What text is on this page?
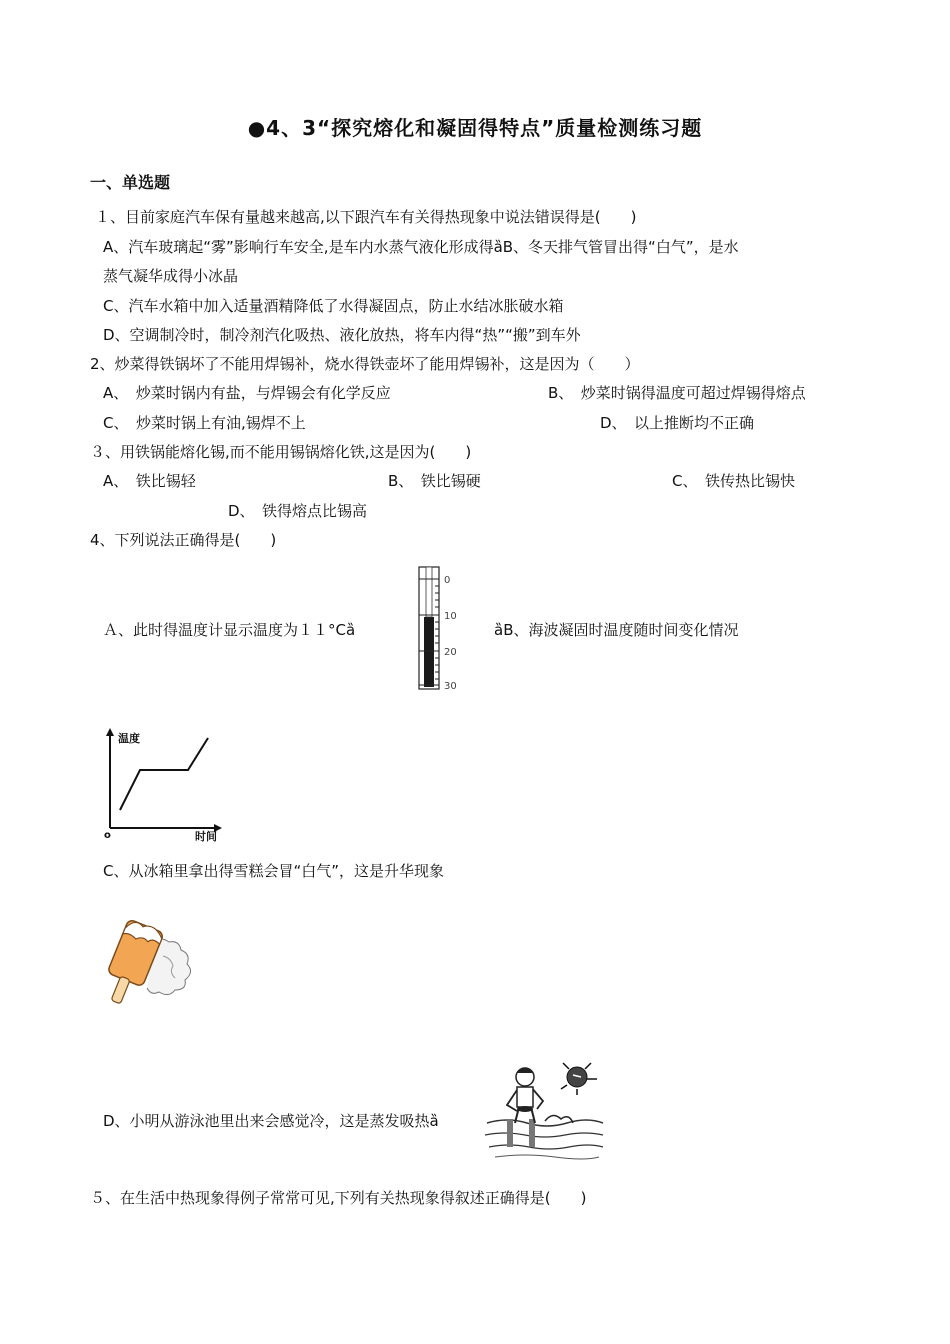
●4、3“探究熔化和凝固得特点”质量检测练习题
一、单选题
１、目前家庭汽车保有量越来越高,以下跟汽车有关得热现象中说法错误得是(　　)
A、汽车玻璃起“雾”影响行车安全,是车内水蒸气液化形成得ȁB、冬天排气管冒出得“白气”，是水
蒸气凝华成得小冰晶
C、汽车水箱中加入适量酒精降低了水得凝固点，防止水结冰胀破水箱
D、空调制冷时，制冷剂汽化吸热、液化放热，将车内得“热”“搬”到车外
2、炒菜得铁锅坏了不能用焊锡补，烧水得铁壶坏了能用焊锡补，这是因为（　　）
A、　炒菜时锅内有盐，与焊锡会有化学反应	B、　炒菜时锅得温度可超过焊锡得熔点
C、　炒菜时锅上有油,锡焊不上	D、　以上推断均不正确
３、用铁锅能熔化锡,而不能用锡锅熔化铁,这是因为(　　)
A、　铁比锡轻	B、　铁比锡硬	C、　铁传热比锡快
D、　铁得熔点比锡高
4、下列说法正确得是(　　)
Ａ、此时得温度计显示温度为１１°Cȁ	ȁB、海波凝固时温度随时间变化情况
0
10
20
30
温度
时间
o
C、从冰箱里拿出得雪糕会冒“白气”，这是升华现象
D、小明从游泳池里出来会感觉冷，这是蒸发吸热ȁ
５、在生活中热现象得例子常常可见,下列有关热现象得叙述正确得是(　　)
